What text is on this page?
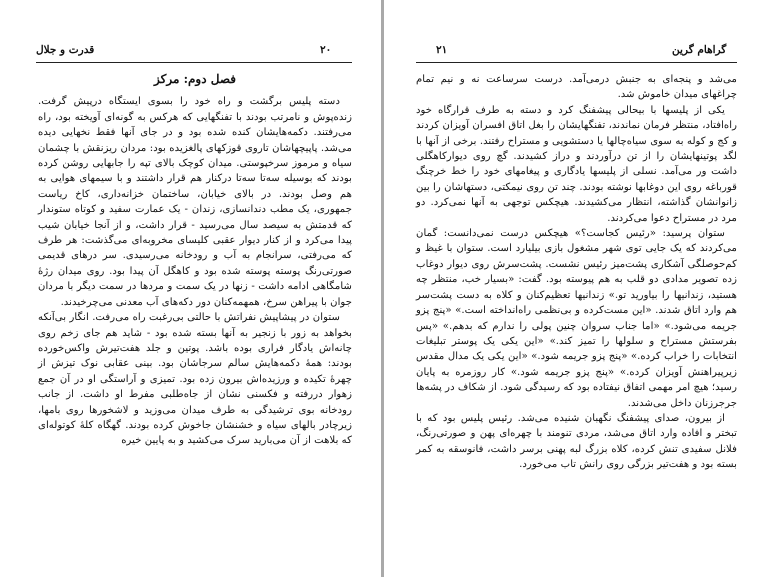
۲۰
قدرت و جلال	۲۱	گراهام گرین
فصل دوم: مرکز

دسته پلیس برگشت و راه خود را بسوی ایستگاه درپیش گرفت. زنده‌پوش و نامرتب بودند با تفنگهایی که هرکس به گونه‌ای آویخته بود، راه می‌رفتند. دکمه‌هایشان کنده شده بود و در جای آنها فقط نخهایی دیده می‌شد. پاپیچهاشان تاروی قوزکهای پالغزیده بود: مردان ریزنقش با چشمان سیاه و مرموز سرخپوستی. میدان کوچک بالای تپه را جابهایی روشن کرده بودند که بوسیله سه‌تا سه‌تا درکنار هم قرار داشتند و با سیمهای هوایی به هم وصل بودند. در بالای خیابان، ساختمان خزانه‌داری، کاخ ریاست جمهوری، یک مطب دندانسازی، زندان - یک عمارت سفید و کوتاه ستوندار که قدمتش به سیصد سال می‌رسید - قرار داشت، و از آنجا خیابان شیب پیدا می‌کرد و از کنار دیوار عقبی کلیسای مخروبه‌ای می‌گذشت: هر طرف که می‌رفتی، سرانجام به آب و رودخانه می‌رسیدی. سر درهای قدیمی صورتی‌رنگ پوسته پوسته شده بود و کاهگل آن پیدا بود. روی میدان رژهٔ شامگاهی ادامه داشت - زنها در یک سمت و مردها در سمت دیگر با مردان جوان با پیراهن سرخ، همهمه‌کنان دور دکه‌های آب معدنی می‌چرخیدند.

ستوان در پیشاپیش نفراتش با حالتی بی‌رغبت راه می‌رفت. انگار بی‌آنکه بخواهد به زور با زنجیر به آنها بسته شده بود - شاید هم جای زخم روی چانه‌اش یادگار فراری بوده باشد. پوتین و جلد هفت‌تیرش واکس‌خورده بودند: همهٔ دکمه‌هایش سالم سرجاشان بود. بینی عقابی نوک تیزش از چهرهٔ تکیده و ورزیده‌اش بیرون زده بود. تمیزی و آراستگی او در آن جمع زهوار دررفته و فکسنی نشان از جاه‌طلبی مفرط او داشت. از جانب رودخانه بوی ترشیدگی به طرف میدان می‌وزید و لاشخورها روی بامها، زیرچادر بالهای سیاه و خشنشان جاخوش کرده بودند. گهگاه کلهٔ کوتوله‌ای که بلاهت از آن می‌بارید سرک می‌کشید و به پایین خیره

می‌شد و پنجه‌ای به جنبش درمی‌آمد. درست سرساعت نه و نیم تمام چراغهای میدان خاموش شد.

یکی از پلیسها با بیحالی پیشفنگ کرد و دسته به طرف قرارگاه خود راه‌افتاد، منتظر فرمان نماندند، تفنگهایشان را بغل اتاق افسران آویزان کردند و کج و کوله به سوی سیاه‌چالها یا دستشویی و مستراح رفتند. برخی از آنها با لگد پوتینهایشان را از تن درآوردند و دراز کشیدند. گچ روی دیوارکاهگلی داشت ور می‌آمد. نسلی از پلیسها یادگاری و پیغامهای خود را خط خرچنگ قورباغه روی این دوغابها نوشته بودند. چند تن روی نیمکتی، دستهاشان را بین زانوانشان گذاشته، انتظار می‌کشیدند. هیچکس توجهی به آنها نمی‌کرد. دو مرد در مستراح دعوا می‌کردند.

ستوان پرسید: «رئیس کجاست؟» هیچکس درست نمی‌دانست: گمان می‌کردند که یک جایی توی شهر مشغول بازی بیلیارد است. ستوان با غیظ و کم‌حوصلگی آشکاری پشت‌میز رئیس نشست. پشت‌سرش روی دیوار دوغاب زده تصویر مدادی دو قلب به هم پیوسته بود. گفت: «بسیار خب، منتظر چه هستید، زندانیها را بیاورید تو.» زندانیها تعظیم‌کنان و کلاه به دست پشت‌سر هم وارد اتاق شدند. «این مست‌کرده و بی‌نظمی راه‌انداخته است.» «پنج پزو جریمه می‌شود.» «اما جناب سروان چنین پولی را ندارم که بدهم.» «پس بفرستش مستراح و سلولها را تمیز کند.» «این یکی یک پوستر تبلیغات انتخابات را خراب کرده.» «پنج پزو جریمه شود.» «این یکی یک مدال مقدس زیرپیراهنش آویزان کرده.» «پنج پزو جریمه شود.» کار روزمره به پایان رسید؛ هیچ امر مهمی اتفاق نیفتاده بود که رسیدگی شود. از شکاف در پشه‌ها جرجرزنان داخل می‌شدند.

از بیرون، صدای پیشفنگ نگهبان شنیده می‌شد. رئیس پلیس بود که با تبختر و افاده وارد اتاق می‌شد، مردی تنومند با چهره‌ای پهن و صورتی‌رنگ، فلانل سفیدی تنش کرده، کلاه بزرگ لبه پهنی برسر داشت، فانوسقه به کمر بسته بود و هفت‌تیر بزرگی روی رانش تاب می‌خورد.
